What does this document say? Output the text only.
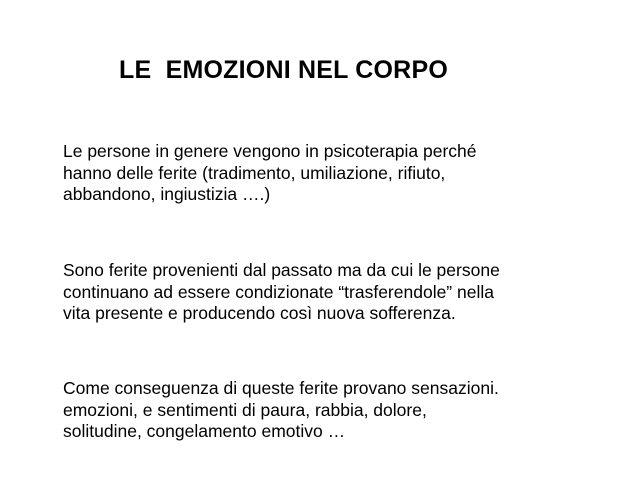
LE  EMOZIONI NEL CORPO
Le persone in genere vengono in psicoterapia perché
hanno delle ferite (tradimento, umiliazione, rifiuto,
abbandono, ingiustizia ….)
Sono ferite provenienti dal passato ma da cui le persone
continuano ad essere condizionate “trasferendole” nella
vita presente e producendo così nuova sofferenza.
Come conseguenza di queste ferite provano sensazioni.
emozioni, e sentimenti di paura, rabbia, dolore,
solitudine, congelamento emotivo …
